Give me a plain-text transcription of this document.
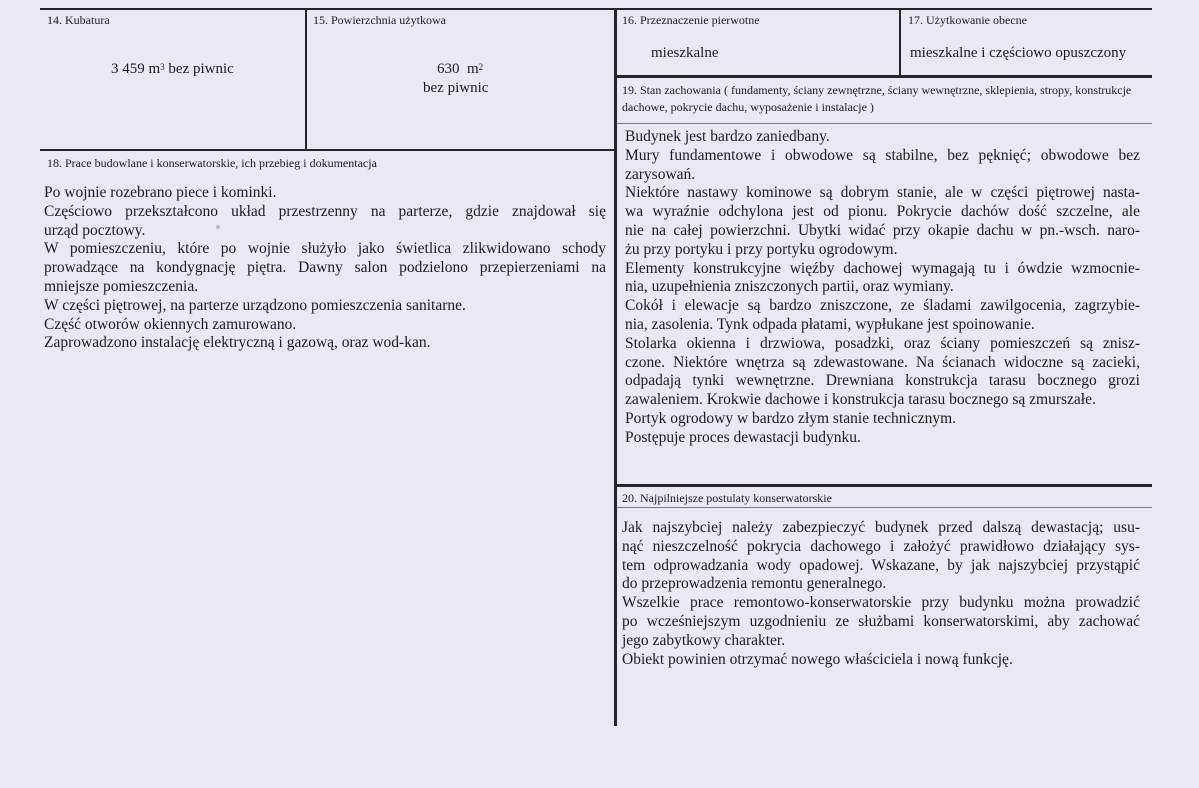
14. Kubatura
3 459 $m^3$ bez piwnic
15. Powierzchnia użytkowa
630  $m^2$
bez piwnic
16. Przeznaczenie pierwotne
mieszkalne
17. Użytkowanie obecne
mieszkalne i częściowo opuszczony
19. Stan zachowania ( fundamenty, ściany zewnętrzne, ściany wewnętrzne, sklepienia, stropy, konstrukcje dachowe, pokrycie dachu, wyposażenie i instalacje )
Budynek jest bardzo zaniedbany.
Mury fundamentowe i obwodowe są stabilne, bez pęknięć; obwodowe bez
zarysowań.
Niektóre nastawy kominowe są dobrym stanie, ale w części piętrowej nasta-
wa wyraźnie odchylona jest od pionu. Pokrycie dachów dość szczelne, ale
nie na całej powierzchni. Ubytki widać przy okapie dachu w pn.-wsch. naro-
żu przy portyku i przy portyku ogrodowym.
Elementy konstrukcyjne więźby dachowej wymagają tu i ówdzie wzmocnie-
nia, uzupełnienia zniszczonych partii, oraz wymiany.
Cokół i elewacje są bardzo zniszczone, ze śladami zawilgocenia, zagrzybie-
nia, zasolenia. Tynk odpada płatami, wypłukane jest spoinowanie.
Stolarka okienna i drzwiowa, posadzki, oraz ściany pomieszczeń są znisz-
czone. Niektóre wnętrza są zdewastowane. Na ścianach widoczne są zacieki,
odpadają tynki wewnętrzne. Drewniana konstrukcja tarasu bocznego grozi
zawaleniem. Krokwie dachowe i konstrukcja tarasu bocznego są zmurszałe.
Portyk ogrodowy w bardzo złym stanie technicznym.
Postępuje proces dewastacji budynku.
18. Prace budowlane i konserwatorskie, ich przebieg i dokumentacja
Po wojnie rozebrano piece i kominki.
Częściowo przekształcono układ przestrzenny na parterze, gdzie znajdował się
urząd pocztowy.
W pomieszczeniu, które po wojnie służyło jako świetlica zlikwidowano schody
prowadzące na kondygnację piętra. Dawny salon podzielono przepierzeniami na
mniejsze pomieszczenia.
W części piętrowej, na parterze urządzono pomieszczenia sanitarne.
Część otworów okiennych zamurowano.
Zaprowadzono instalację elektryczną i gazową, oraz wod-kan.
20. Najpilniejsze postulaty konserwatorskie
Jak najszybciej należy zabezpieczyć budynek przed dalszą dewastacją; usu-
nąć nieszczelność pokrycia dachowego i założyć prawidłowo działający sys-
tem odprowadzania wody opadowej. Wskazane, by jak najszybciej przystąpić
do przeprowadzenia remontu generalnego.
Wszelkie prace remontowo-konserwatorskie przy budynku można prowadzić
po wcześniejszym uzgodnieniu ze służbami konserwatorskimi, aby zachować
jego zabytkowy charakter.
Obiekt powinien otrzymać nowego właściciela i nową funkcję.
